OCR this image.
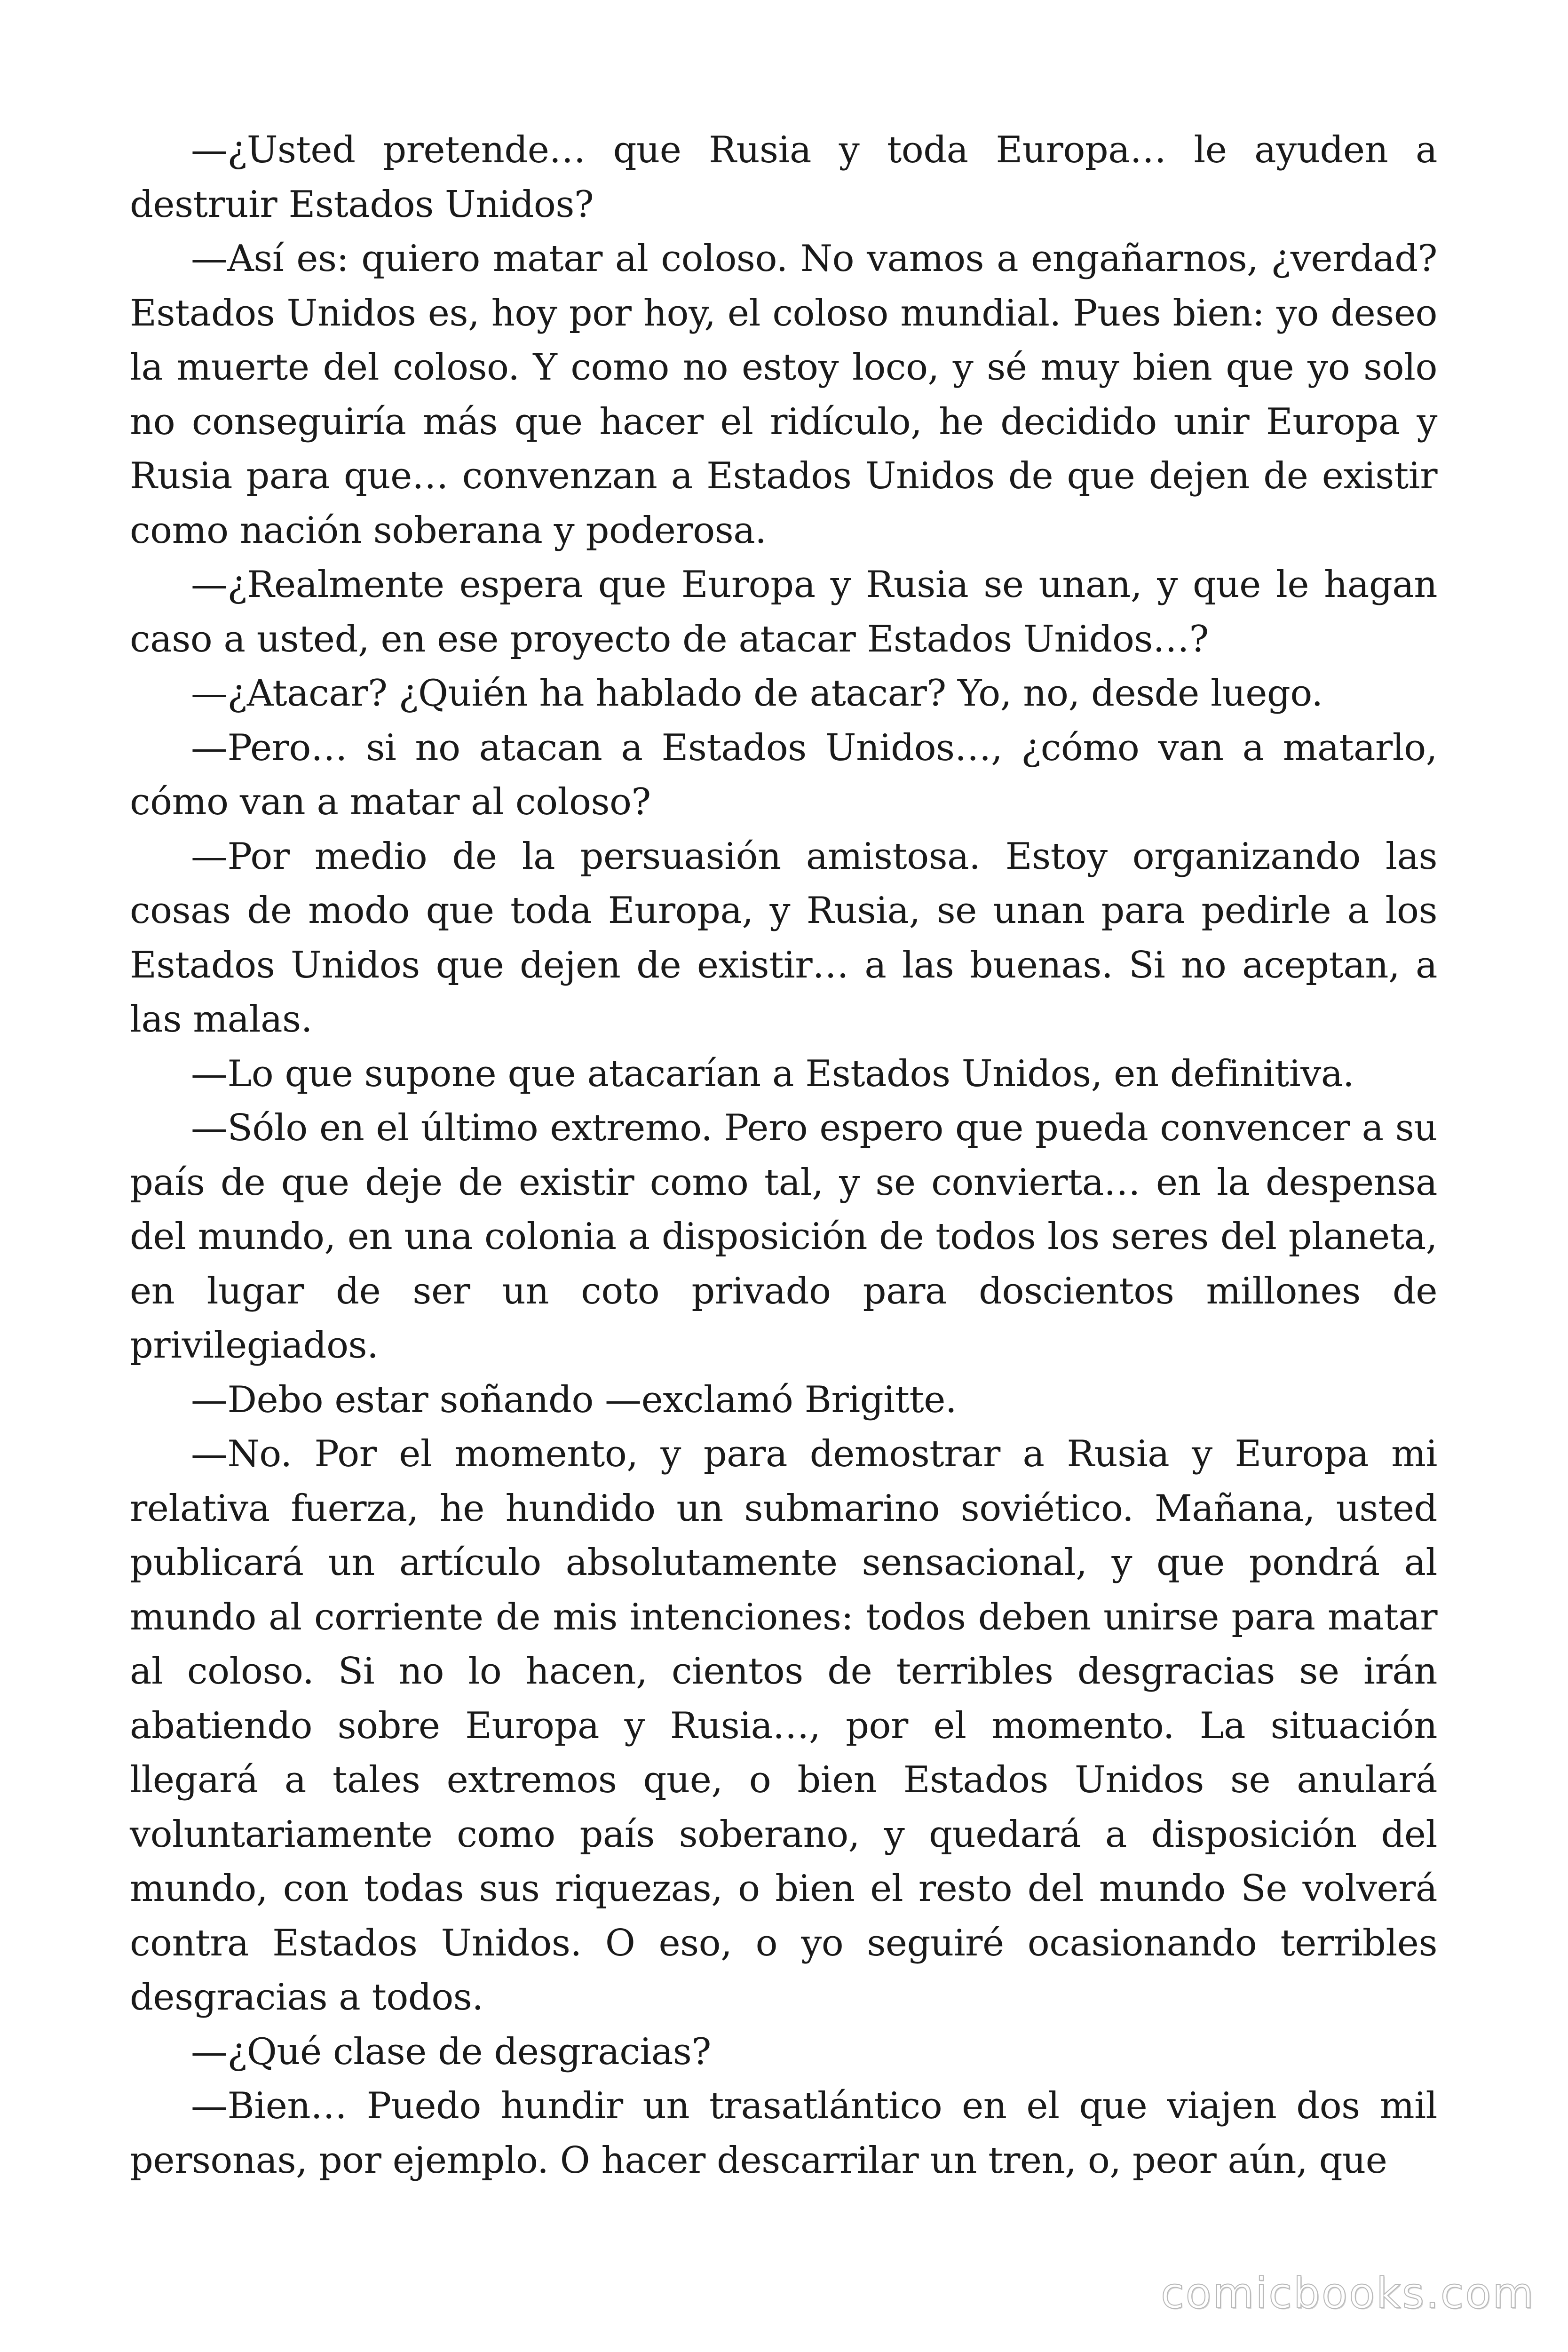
—¿Usted pretende… que Rusia y toda Europa… le ayuden a destruir Estados Unidos?

—Así es: quiero matar al coloso. No vamos a engañarnos, ¿verdad? Estados Unidos es, hoy por hoy, el coloso mundial. Pues bien: yo deseo la muerte del coloso. Y como no estoy loco, y sé muy bien que yo solo no conseguiría más que hacer el ridículo, he decidido unir Europa y Rusia para que… convenzan a Estados Unidos de que dejen de existir como nación soberana y poderosa.

—¿Realmente espera que Europa y Rusia se unan, y que le hagan caso a usted, en ese proyecto de atacar Estados Unidos…?

—¿Atacar? ¿Quién ha hablado de atacar? Yo, no, desde luego.

—Pero… si no atacan a Estados Unidos…, ¿cómo van a matarlo, cómo van a matar al coloso?

—Por medio de la persuasión amistosa. Estoy organizando las cosas de modo que toda Europa, y Rusia, se unan para pedirle a los Estados Unidos que dejen de existir… a las buenas. Si no aceptan, a las malas.

—Lo que supone que atacarían a Estados Unidos, en definitiva.

—Sólo en el último extremo. Pero espero que pueda convencer a su país de que deje de existir como tal, y se convierta… en la despensa del mundo, en una colonia a disposición de todos los seres del planeta, en lugar de ser un coto privado para doscientos millones de privilegiados.

—Debo estar soñando —exclamó Brigitte.

—No. Por el momento, y para demostrar a Rusia y Europa mi relativa fuerza, he hundido un submarino soviético. Mañana, usted publicará un artículo absolutamente sensacional, y que pondrá al mundo al corriente de mis intenciones: todos deben unirse para matar al coloso. Si no lo hacen, cientos de terribles desgracias se irán abatiendo sobre Europa y Rusia…, por el momento. La situación llegará a tales extremos que, o bien Estados Unidos se anulará voluntariamente como país soberano, y quedará a disposición del mundo, con todas sus riquezas, o bien el resto del mundo Se volverá contra Estados Unidos. O eso, o yo seguiré ocasionando terribles desgracias a todos.

—¿Qué clase de desgracias?

—Bien… Puedo hundir un trasatlántico en el que viajen dos mil personas, por ejemplo. O hacer descarrilar un tren, o, peor aún, que

comicbooks.com
